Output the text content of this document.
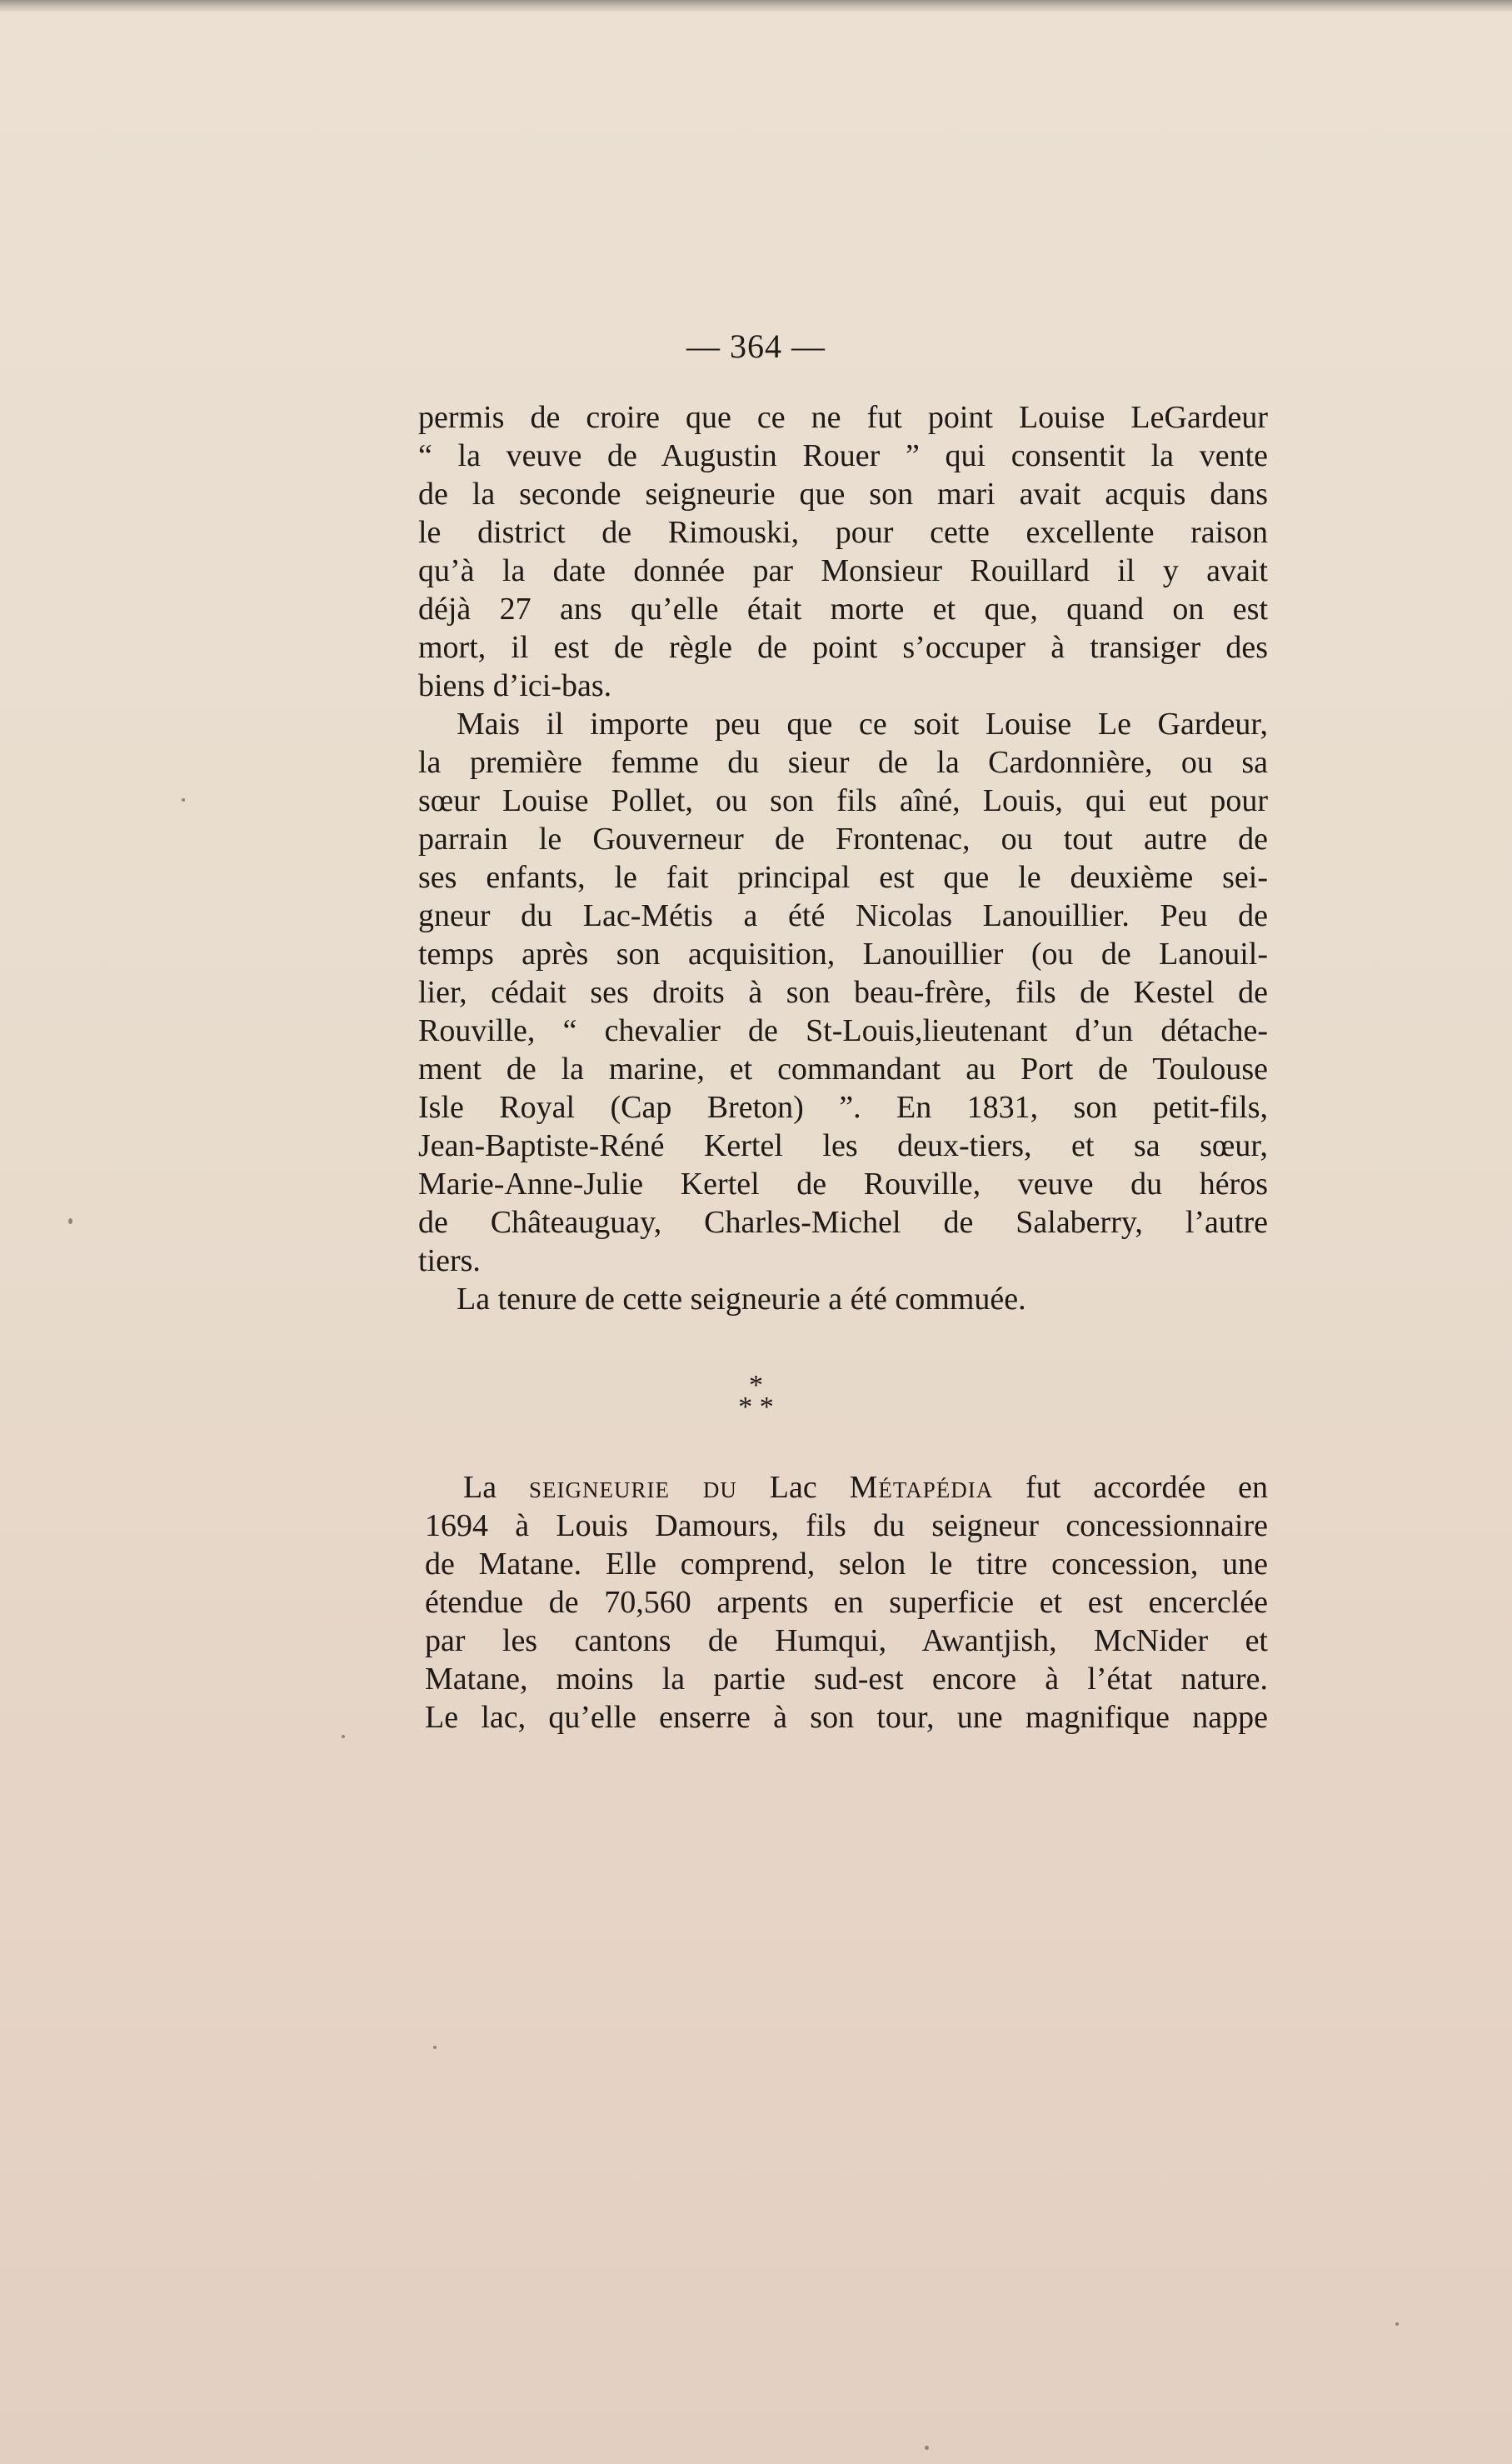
— 364 —
permis de croire que ce ne fut point Louise LeGardeur
“ la veuve de Augustin Rouer ” qui consentit la vente
de la seconde seigneurie que son mari avait acquis dans
le district de Rimouski, pour cette excellente raison
qu’à la date donnée par Monsieur Rouillard il y avait
déjà 27 ans qu’elle était morte et que, quand on est
mort, il est de règle de point s’occuper à transiger des
biens d’ici-bas.
Mais il importe peu que ce soit Louise Le Gardeur,
la première femme du sieur de la Cardonnière, ou sa
sœur Louise Pollet, ou son fils aîné, Louis, qui eut pour
parrain le Gouverneur de Frontenac, ou tout autre de
ses enfants, le fait principal est que le deuxième sei-
gneur du Lac-Métis a été Nicolas Lanouillier. Peu de
temps après son acquisition, Lanouillier (ou de Lanouil-
lier, cédait ses droits à son beau-frère, fils de Kestel de
Rouville, “ chevalier de St-Louis,lieutenant d’un détache-
ment de la marine, et commandant au Port de Toulouse
Isle Royal (Cap Breton) ”. En 1831, son petit-fils,
Jean-Baptiste-Réné Kertel les deux-tiers, et sa sœur,
Marie-Anne-Julie Kertel de Rouville, veuve du héros
de Châteauguay, Charles-Michel de Salaberry, l’autre
tiers.
La tenure de cette seigneurie a été commuée.
*
* *
La seigneurie du Lac Métapédia fut accordée en
1694 à Louis Damours, fils du seigneur concessionnaire
de Matane. Elle comprend, selon le titre concession, une
étendue de 70,560 arpents en superficie et est encerclée
par les cantons de Humqui, Awantjish, McNider et
Matane, moins la partie sud-est encore à l’état nature.
Le lac, qu’elle enserre à son tour, une magnifique nappe
